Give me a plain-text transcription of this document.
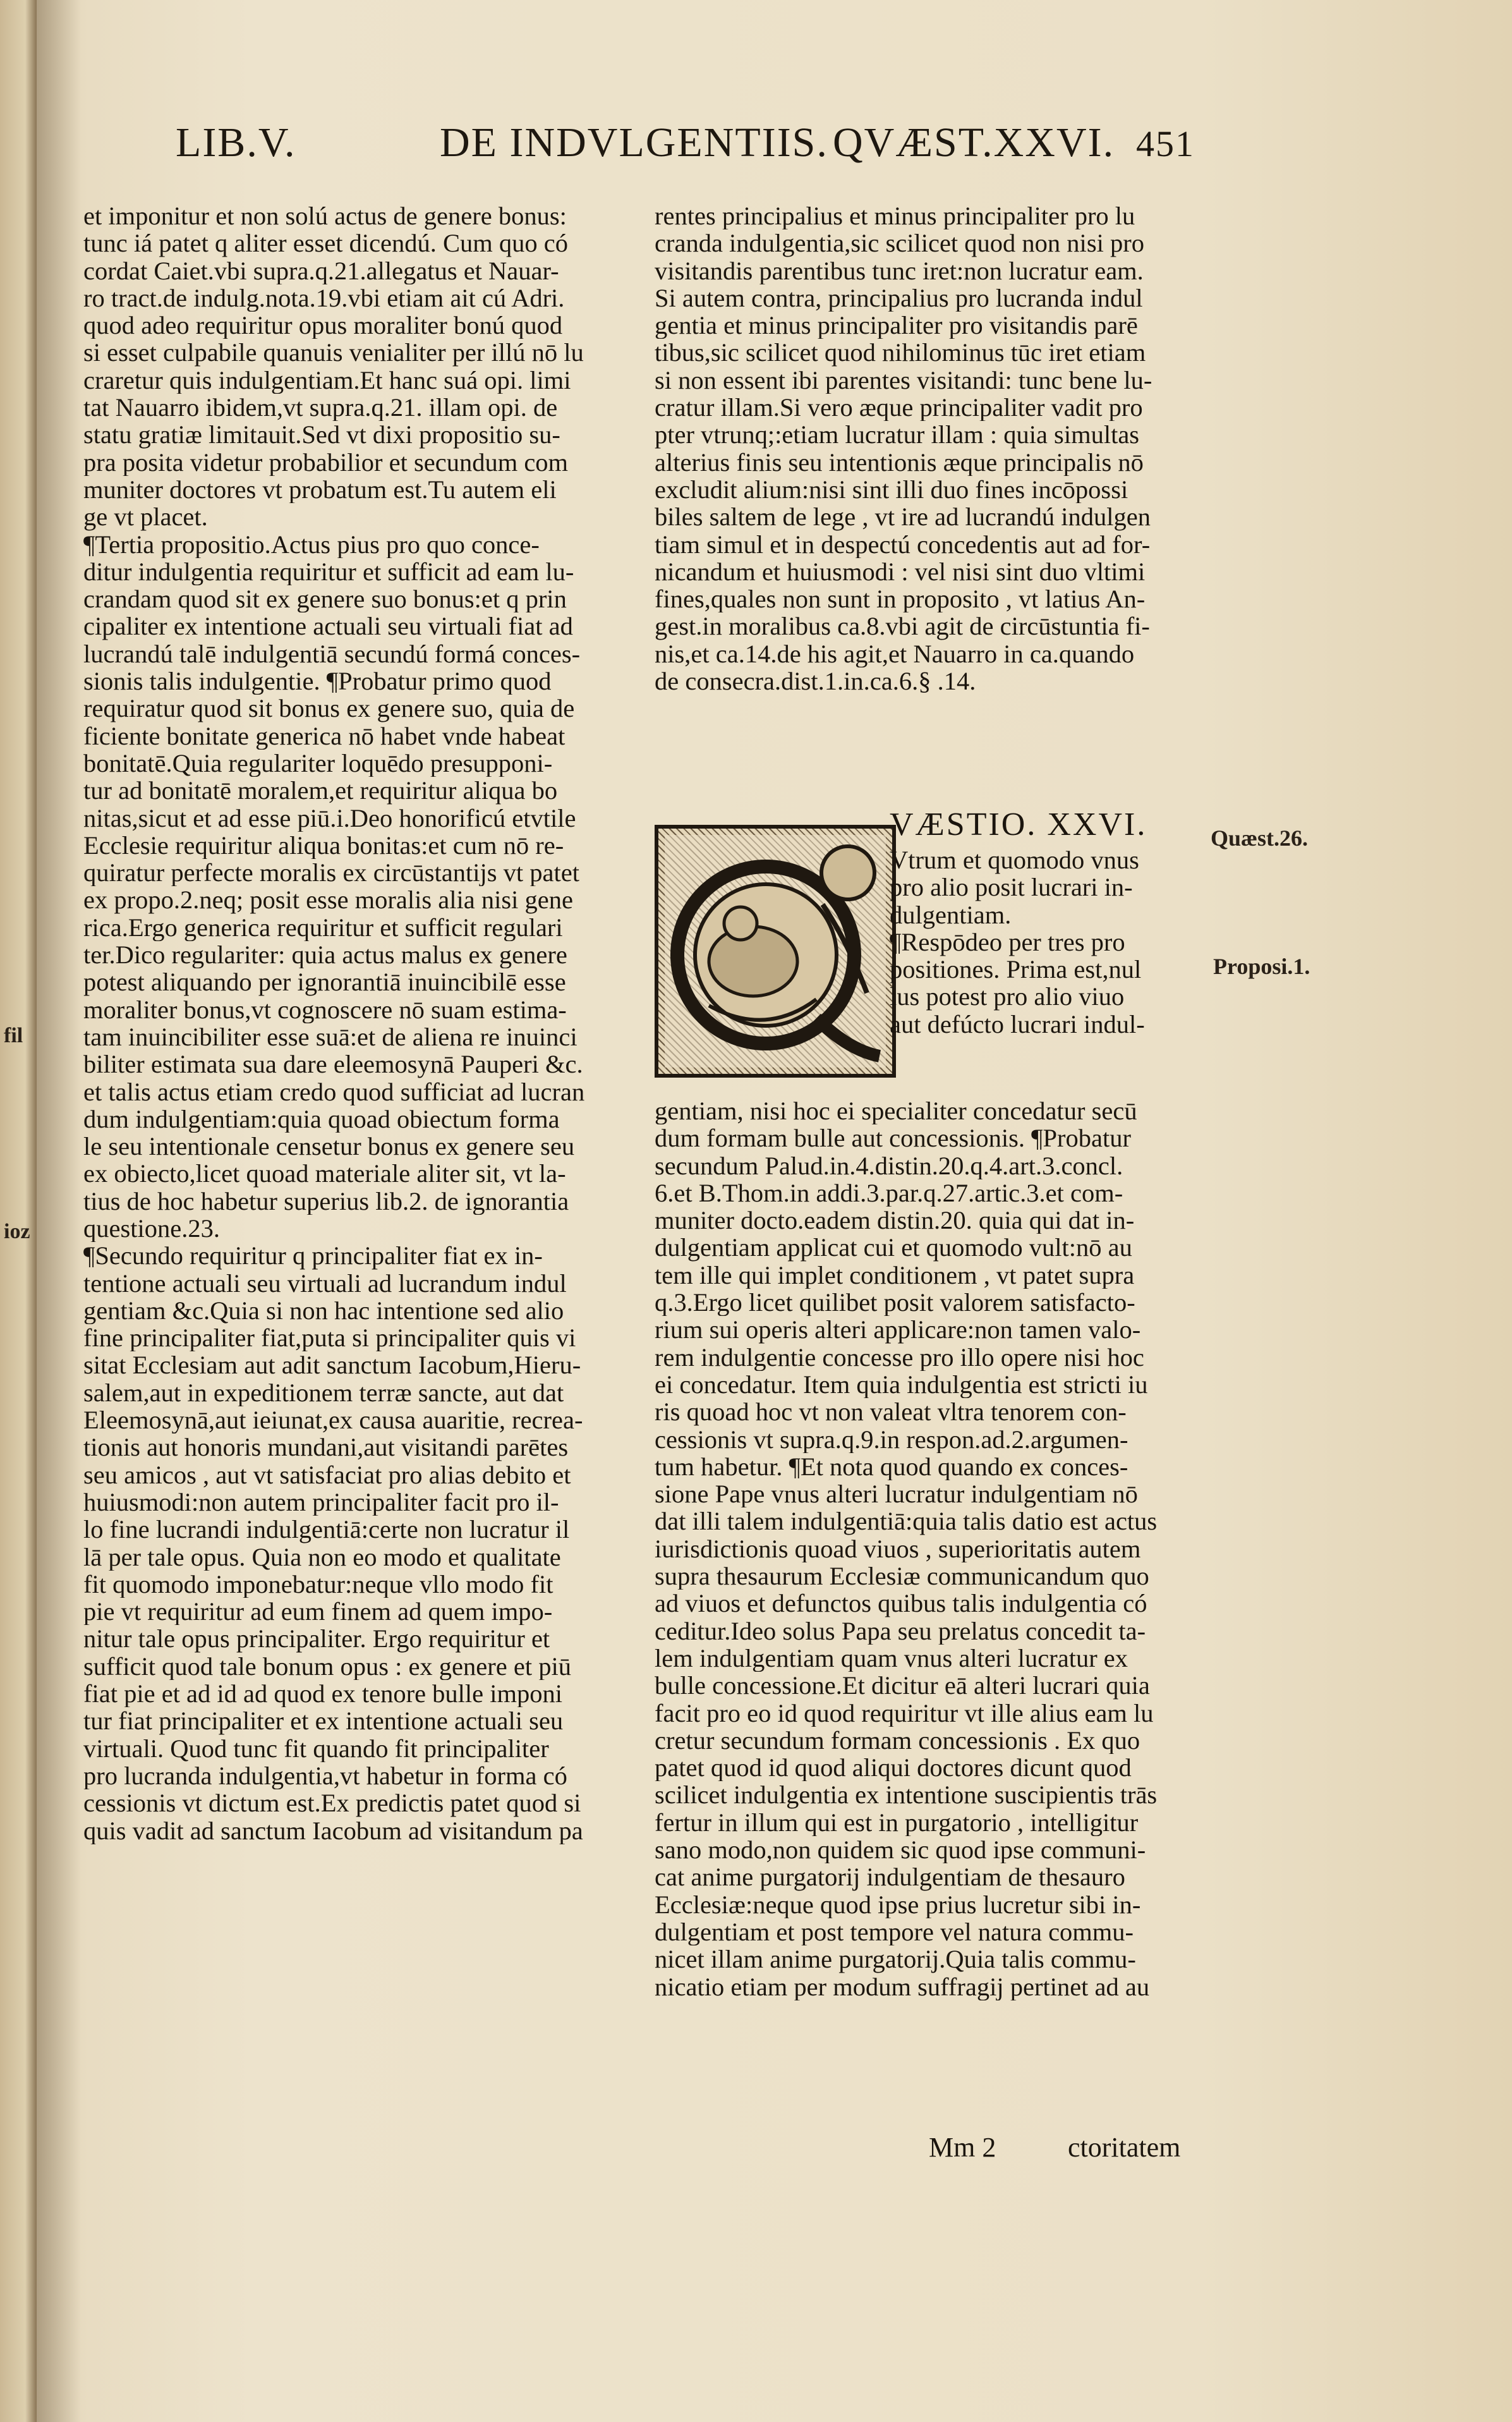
fil
ioz
LIB.V.	DE INDVLGENTIIS. QVÆST.XXVI. 451
et imponitur et non solú actus de genere bonus:
tunc iá patet q aliter esset dicendú. Cum quo có
cordat Caiet.vbi supra.q.21.allegatus et Nauar-
ro tract.de indulg.nota.19.vbi etiam ait cú Adri.
quod adeo requiritur opus moraliter bonú quod
si esset culpabile quanuis venialiter per illú nō lu
craretur quis indulgentiam.Et hanc suá opi. limi
tat Nauarro ibidem,vt supra.q.21. illam opi. de
statu gratiæ limitauit.Sed vt dixi propositio su-
pra posita videtur probabilior et secundum com
muniter doctores vt probatum est.Tu autem eli
ge vt placet.
¶Tertia propositio.Actus pius pro quo conce-
ditur indulgentia requiritur et sufficit ad eam lu-
crandam quod sit ex genere suo bonus:et q prin
cipaliter ex intentione actuali seu virtuali fiat ad
lucrandú talē indulgentiā secundú formá conces-
sionis talis indulgentie. ¶Probatur primo quod
requiratur quod sit bonus ex genere suo, quia de
ficiente bonitate generica nō habet vnde habeat
bonitatē.Quia regulariter loquēdo presupponi-
tur ad bonitatē moralem,et requiritur aliqua bo
nitas,sicut et ad esse piū.i.Deo honorificú etvtile
Ecclesie requiritur aliqua bonitas:et cum nō re-
quiratur perfecte moralis ex circūstantijs vt patet
ex propo.2.neq; posit esse moralis alia nisi gene
rica.Ergo generica requiritur et sufficit regulari
ter.Dico regulariter: quia actus malus ex genere
potest aliquando per ignorantiā inuincibilē esse
moraliter bonus,vt cognoscere nō suam estima-
tam inuincibiliter esse suā:et de aliena re inuinci
biliter estimata sua dare eleemosynā Pauperi &c.
et talis actus etiam credo quod sufficiat ad lucran
dum indulgentiam:quia quoad obiectum forma
le seu intentionale censetur bonus ex genere seu
ex obiecto,licet quoad materiale aliter sit, vt la-
tius de hoc habetur superius lib.2. de ignorantia
questione.23.
¶Secundo requiritur q principaliter fiat ex in-
tentione actuali seu virtuali ad lucrandum indul
gentiam &c.Quia si non hac intentione sed alio
fine principaliter fiat,puta si principaliter quis vi
sitat Ecclesiam aut adit sanctum Iacobum,Hieru-
salem,aut in expeditionem terræ sancte, aut dat
Eleemosynā,aut ieiunat,ex causa auaritie, recrea-
tionis aut honoris mundani,aut visitandi parētes
seu amicos , aut vt satisfaciat pro alias debito et
huiusmodi:non autem principaliter facit pro il-
lo fine lucrandi indulgentiā:certe non lucratur il
lā per tale opus. Quia non eo modo et qualitate
fit quomodo imponebatur:neque vllo modo fit
pie vt requiritur ad eum finem ad quem impo-
nitur tale opus principaliter. Ergo requiritur et
sufficit quod tale bonum opus : ex genere et piū
fiat pie et ad id ad quod ex tenore bulle imponi
tur fiat principaliter et ex intentione actuali seu
virtuali. Quod tunc fit quando fit principaliter
pro lucranda indulgentia,vt habetur in forma có
cessionis vt dictum est.Ex predictis patet quod si
quis vadit ad sanctum Iacobum ad visitandum pa
rentes principalius et minus principaliter pro lu
cranda indulgentia,sic scilicet quod non nisi pro
visitandis parentibus tunc iret:non lucratur eam.
Si autem contra, principalius pro lucranda indul
gentia et minus principaliter pro visitandis parē
tibus,sic scilicet quod nihilominus tūc iret etiam
si non essent ibi parentes visitandi: tunc bene lu-
cratur illam.Si vero æque principaliter vadit pro
pter vtrunq;:etiam lucratur illam : quia simultas
alterius finis seu intentionis æque principalis nō
excludit alium:nisi sint illi duo fines incōpossi
biles saltem de lege , vt ire ad lucrandú indulgen
tiam simul et in despectú concedentis aut ad for-
nicandum et huiusmodi : vel nisi sint duo vltimi
fines,quales non sunt in proposito , vt latius An-
gest.in moralibus ca.8.vbi agit de circūstuntia fi-
nis,et ca.14.de his agit,et Nauarro in ca.quando
de consecra.dist.1.in.ca.6.§ .14.
VÆSTIO. XXVI.
Vtrum et quomodo vnus
pro alio posit lucrari in-
dulgentiam.
¶Respōdeo per tres pro
positiones. Prima est,nul
lus potest pro alio viuo
aut defúcto lucrari indul-
gentiam, nisi hoc ei specialiter concedatur secū
dum formam bulle aut concessionis. ¶Probatur
secundum Palud.in.4.distin.20.q.4.art.3.concl.
6.et B.Thom.in addi.3.par.q.27.artic.3.et com-
muniter docto.eadem distin.20. quia qui dat in-
dulgentiam applicat cui et quomodo vult:nō au
tem ille qui implet conditionem , vt patet supra
q.3.Ergo licet quilibet posit valorem satisfacto-
rium sui operis alteri applicare:non tamen valo-
rem indulgentie concesse pro illo opere nisi hoc
ei concedatur. Item quia indulgentia est stricti iu
ris quoad hoc vt non valeat vltra tenorem con-
cessionis vt supra.q.9.in respon.ad.2.argumen-
tum habetur. ¶Et nota quod quando ex conces-
sione Pape vnus alteri lucratur indulgentiam nō
dat illi talem indulgentiā:quia talis datio est actus
iurisdictionis quoad viuos , superioritatis autem
supra thesaurum Ecclesiæ communicandum quo
ad viuos et defunctos quibus talis indulgentia có
ceditur.Ideo solus Papa seu prelatus concedit ta-
lem indulgentiam quam vnus alteri lucratur ex
bulle concessione.Et dicitur eā alteri lucrari quia
facit pro eo id quod requiritur vt ille alius eam lu
cretur secundum formam concessionis . Ex quo
patet quod id quod aliqui doctores dicunt quod
scilicet indulgentia ex intentione suscipientis trās
fertur in illum qui est in purgatorio , intelligitur
sano modo,non quidem sic quod ipse communi-
cat anime purgatorij indulgentiam de thesauro
Ecclesiæ:neque quod ipse prius lucretur sibi in-
dulgentiam et post tempore vel natura commu-
nicet illam anime purgatorij.Quia talis commu-
nicatio etiam per modum suffragij pertinet ad au
Quæst.26.
Proposi.1.
Mm 2	ctoritatem
